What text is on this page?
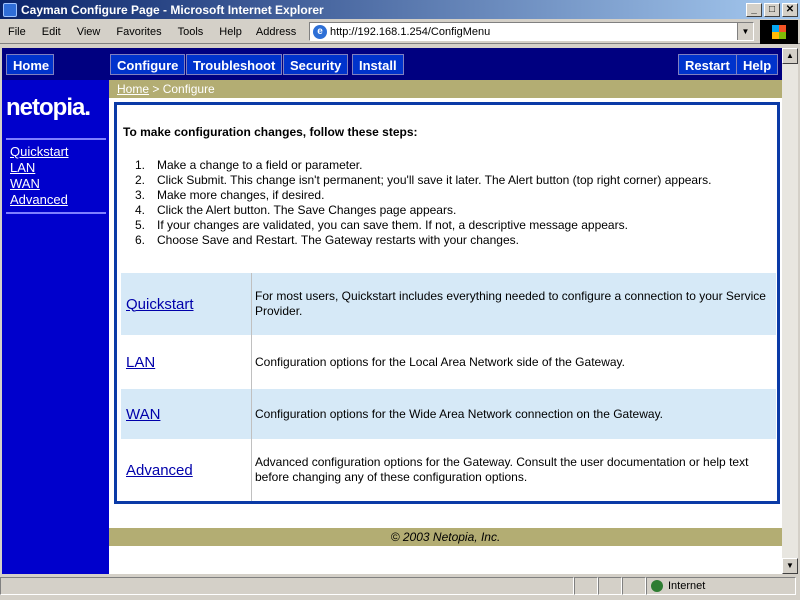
Cayman Configure Page - Microsoft Internet Explorer	_	□	✕
File	Edit	View	Favorites	Tools	Help	Address	e http://192.168.1.254/ConfigMenu	▼
Home	Configure	Troubleshoot	Security	Install	Restart	Help
netopia.
Quickstart
LAN
WAN
Advanced
Home > Configure
To make configuration changes, follow these steps:
1. Make a change to a field or parameter.
2. Click Submit. This change isn't permanent; you'll save it later. The Alert button (top right corner) appears.
3. Make more changes, if desired.
4. Click the Alert button. The Save Changes page appears.
5. If your changes are validated, you can save them. If not, a descriptive message appears.
6. Choose Save and Restart. The Gateway restarts with your changes.
Quickstart	For most users, Quickstart includes everything needed to configure a connection to your Service Provider.
LAN	Configuration options for the Local Area Network side of the Gateway.
WAN	Configuration options for the Wide Area Network connection on the Gateway.
Advanced	Advanced configuration options for the Gateway. Consult the user documentation or help text before changing any of these configuration options.
© 2003 Netopia, Inc.
▲
▼
Internet
